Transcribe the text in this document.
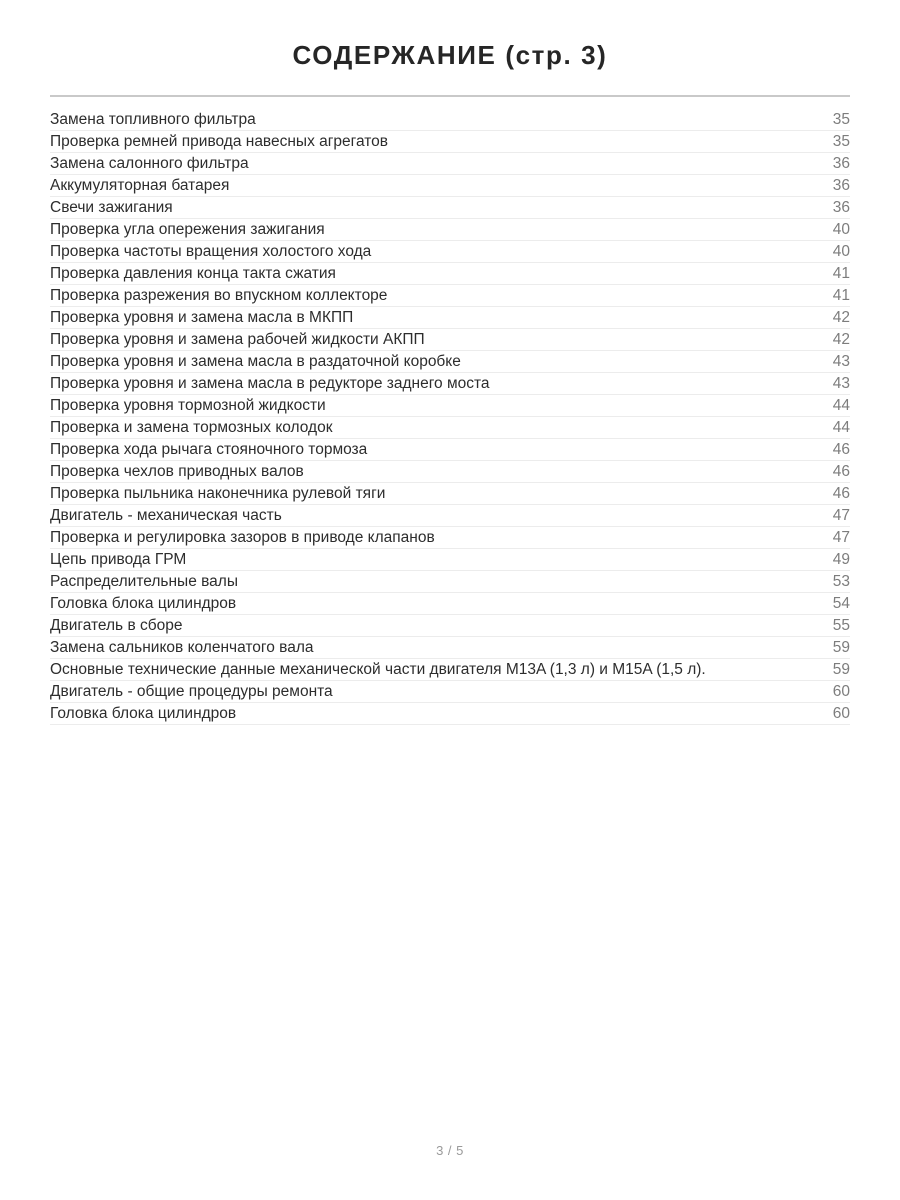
СОДЕРЖАНИЕ (стр. 3)
Замена топливного фильтра	35
Проверка ремней привода навесных агрегатов	35
Замена салонного фильтра	36
Аккумуляторная батарея	36
Свечи зажигания	36
Проверка угла опережения зажигания	40
Проверка частоты вращения холостого хода	40
Проверка давления конца такта сжатия	41
Проверка разрежения во впускном коллекторе	41
Проверка уровня и замена масла в МКПП	42
Проверка уровня и замена рабочей жидкости АКПП	42
Проверка уровня и замена масла в раздаточной коробке	43
Проверка уровня и замена масла в редукторе заднего моста	43
Проверка уровня тормозной жидкости	44
Проверка и замена тормозных колодок	44
Проверка хода рычага стояночного тормоза	46
Проверка чехлов приводных валов	46
Проверка пыльника наконечника рулевой тяги	46
Двигатель - механическая часть	47
Проверка и регулировка зазоров в приводе клапанов	47
Цепь привода ГРМ	49
Распределительные валы	53
Головка блока цилиндров	54
Двигатель в сборе	55
Замена сальников коленчатого вала	59
Основные технические данные механической части двигателя M13A (1,3 л) и M15A (1,5 л).	59
Двигатель - общие процедуры ремонта	60
Головка блока цилиндров	60
3 / 5
